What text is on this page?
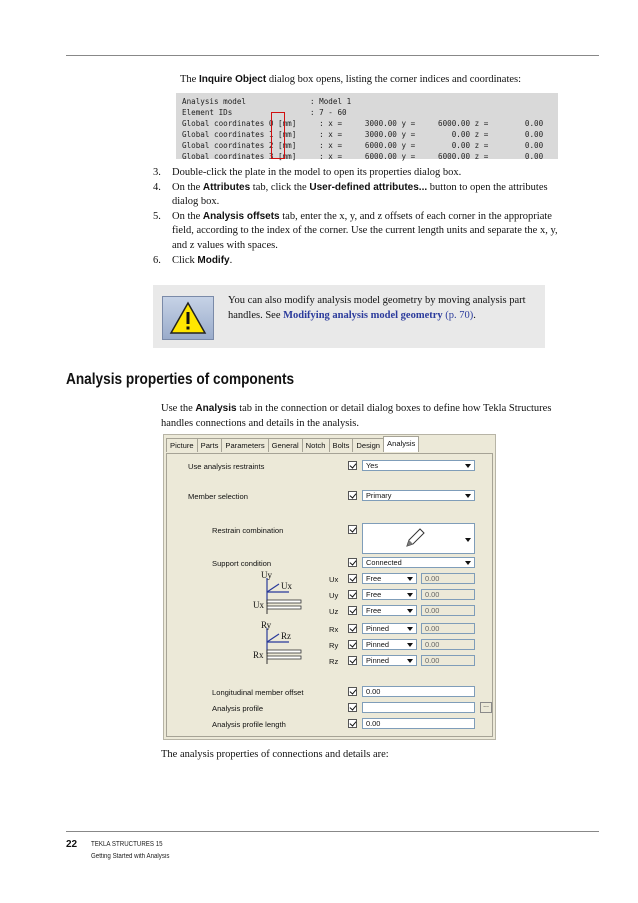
The Inquire Object dialog box opens, listing the corner indices and coordinates:
Analysis model              : Model 1
Element IDs                 : 7 - 60
Global coordinates 0 [mm]     : x =     3000.00 y =     6000.00 z =        0.00
Global coordinates 1 [mm]     : x =     3000.00 y =        0.00 z =        0.00
Global coordinates 2 [mm]     : x =     6000.00 y =        0.00 z =        0.00
Global coordinates 3 [mm]     : x =     6000.00 y =     6000.00 z =        0.00
3.	Double-click the plate in the model to open its properties dialog box.
4.	On the Attributes tab, click the User-defined attributes... button to open the attributes dialog box.
5.	On the Analysis offsets tab, enter the x, y, and z offsets of each corner in the appropriate field, according to the index of the corner. Use the current length units and separate the x, y, and z values with spaces.
6.	Click Modify.
You can also modify analysis model geometry by moving analysis part handles. See Modifying analysis model geometry (p. 70).
Analysis properties of components
Use the Analysis tab in the connection or detail dialog boxes to define how Tekla Structures handles connections and details in the analysis.
Picture Parts Parameters General Notch Bolts Design Analysis
Use analysis restraints	Yes
Member selection	Primary
Restrain combination
Support condition	Connected
Uy
Ux
Ux
Ry
Rz
Rx
Ux	Free	0.00
Uy	Free	0.00
Uz	Free	0.00
Rx	Pinned	0.00
Ry	Pinned	0.00
Rz	Pinned	0.00
Longitudinal member offset	0.00
Analysis profile	...
Analysis profile length	0.00
The analysis properties of connections and details are:
22 TEKLA STRUCTURES 15
Getting Started with Analysis
